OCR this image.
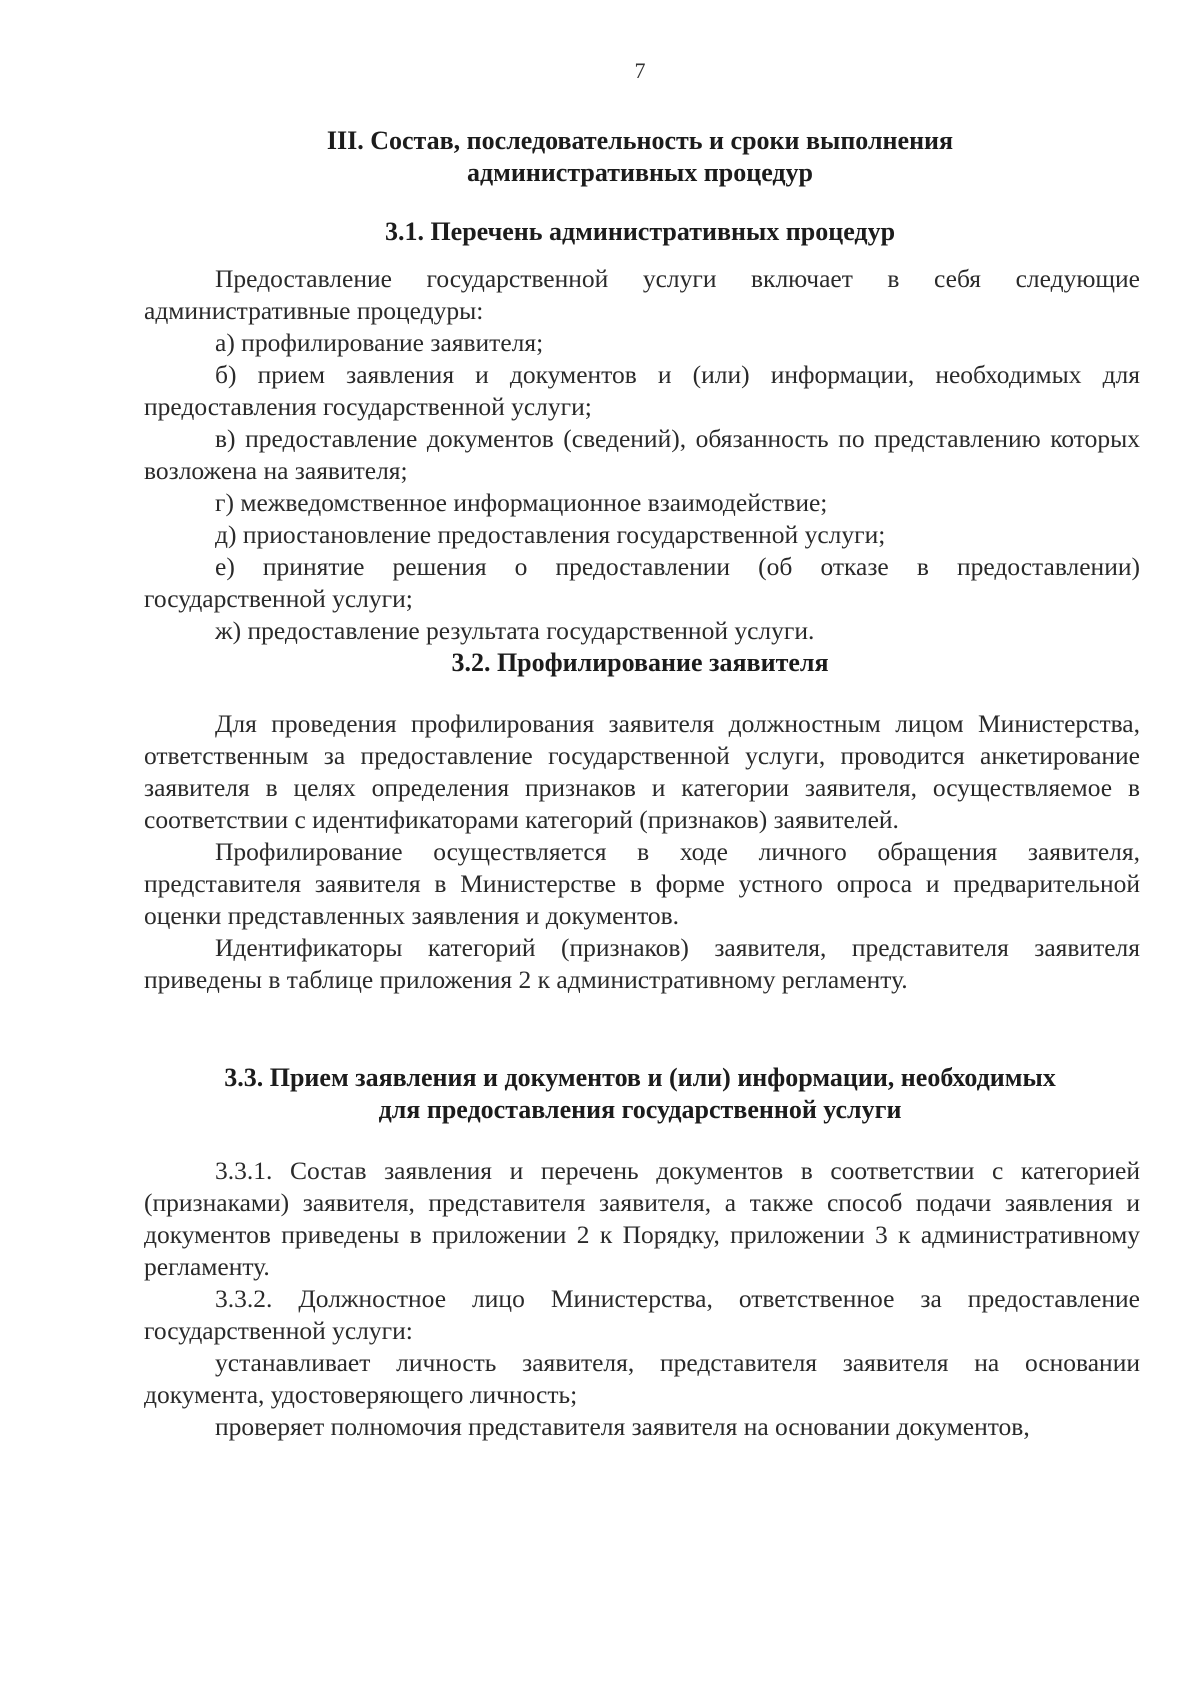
7
III. Состав, последовательность и сроки выполнения
административных процедур
3.1. Перечень административных процедур

Предоставление государственной услуги включает в себя следующие административные процедуры:

а) профилирование заявителя;

б) прием заявления и документов и (или) информации, необходимых для предоставления государственной услуги;

в) предоставление документов (сведений), обязанность по представлению которых возложена на заявителя;

г) межведомственное информационное взаимодействие;

д) приостановление предоставления государственной услуги;

е) принятие решения о предоставлении (об отказе в предоставлении) государственной услуги;

ж) предоставление результата государственной услуги.

3.2. Профилирование заявителя

Для проведения профилирования заявителя должностным лицом Министерства, ответственным за предоставление государственной услуги, проводится анкетирование заявителя в целях определения признаков и категории заявителя, осуществляемое в соответствии с идентификаторами категорий (признаков) заявителей.

Профилирование осуществляется в ходе личного обращения заявителя, представителя заявителя в Министерстве в форме устного опроса и предварительной оценки представленных заявления и документов.

Идентификаторы категорий (признаков) заявителя, представителя заявителя приведены в таблице приложения 2 к административному регламенту.

3.3. Прием заявления и документов и (или) информации, необходимых
для предоставления государственной услуги

3.3.1. Состав заявления и перечень документов в соответствии с категорией (признаками) заявителя, представителя заявителя, а также способ подачи заявления и документов приведены в приложении 2 к Порядку, приложении 3 к административному регламенту.

3.3.2. Должностное лицо Министерства, ответственное за предоставление государственной услуги:

устанавливает личность заявителя, представителя заявителя на основании документа, удостоверяющего личность;

проверяет полномочия представителя заявителя на основании документов,
